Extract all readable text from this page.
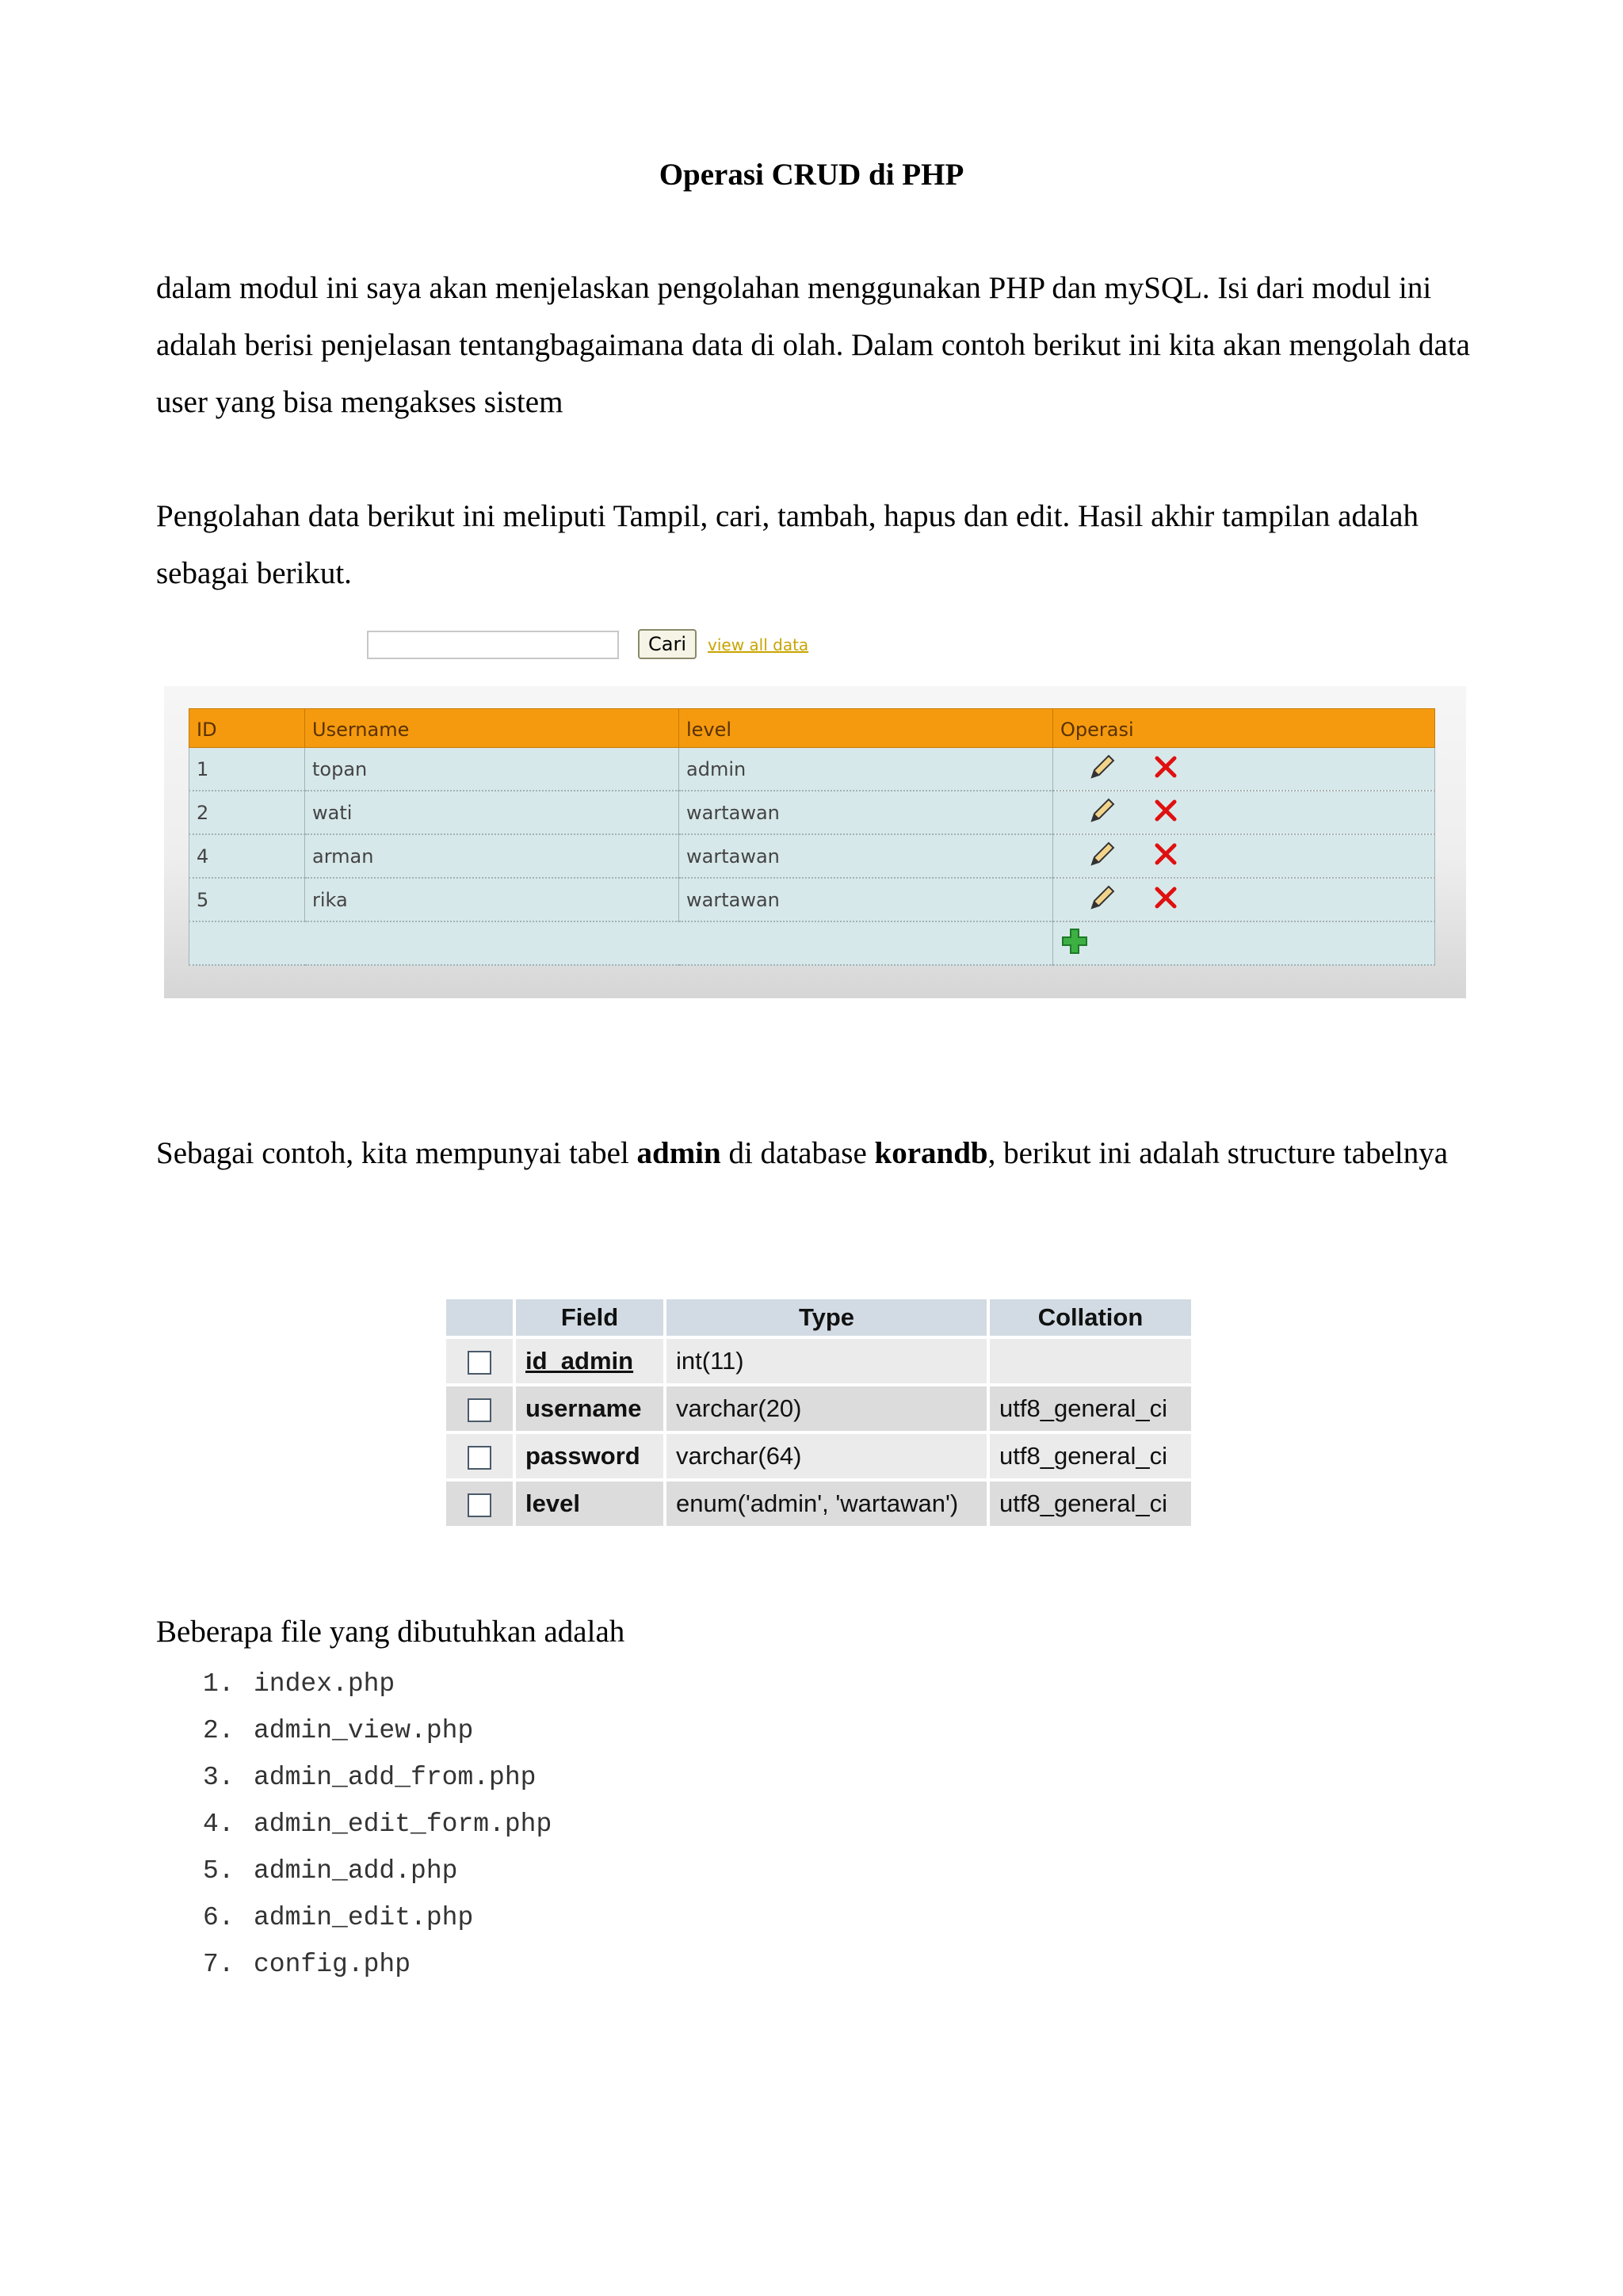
Operasi CRUD di PHP
dalam modul ini saya akan menjelaskan pengolahan menggunakan PHP dan mySQL. Isi dari modul ini adalah berisi penjelasan tentangbagaimana data di olah. Dalam contoh berikut ini kita akan mengolah data user yang bisa mengakses sistem
Pengolahan data berikut ini meliputi Tampil, cari, tambah, hapus dan edit. Hasil akhir tampilan adalah sebagai berikut.
Cari	view all data
ID	Username	level	Operasi
1	topan	admin	
2	wati	wartawan	
4	arman	wartawan	
5	rika	wartawan	

Sebagai contoh, kita mempunyai tabel admin di database korandb, berikut ini adalah structure tabelnya
	Field	Type	Collation
	id_admin	int(11)	
	username	varchar(20)	utf8_general_ci
	password	varchar(64)	utf8_general_ci
	level	enum('admin', 'wartawan')	utf8_general_ci
Beberapa file yang dibutuhkan adalah
1. index.php
2. admin_view.php
3. admin_add_from.php
4. admin_edit_form.php
5. admin_add.php
6. admin_edit.php
7. config.php
